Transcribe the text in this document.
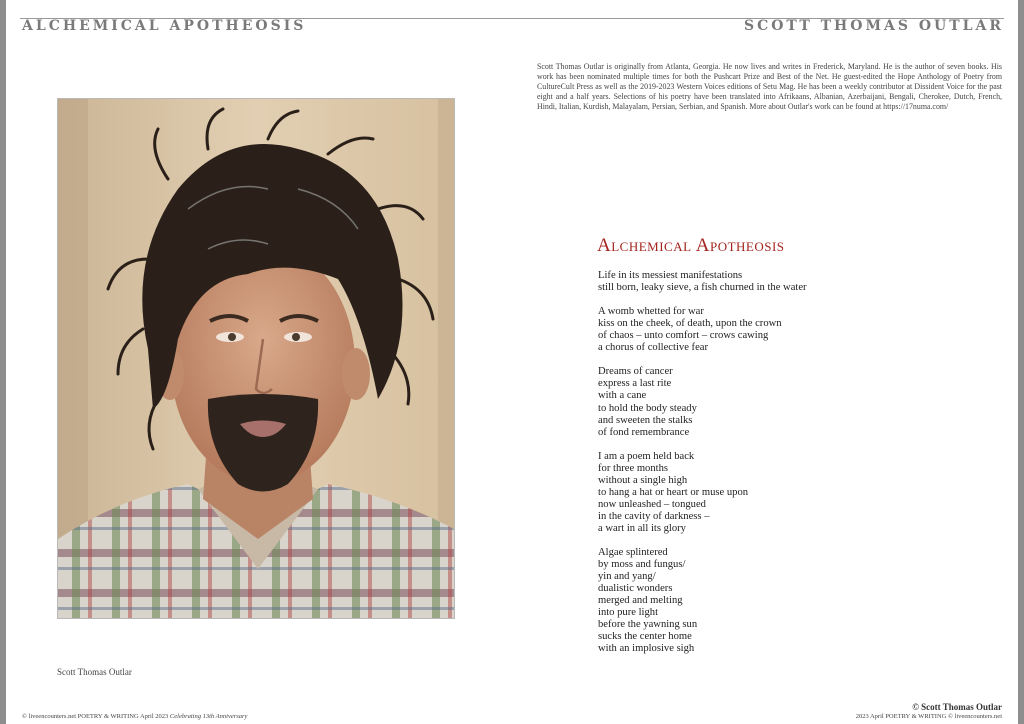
ALCHEMICAL APOTHEOSIS	SCOTT THOMAS OUTLAR
Scott Thomas Outlar is originally from Atlanta, Georgia. He now lives and writes in Frederick, Maryland. He is the author of seven books. His work has been nominated multiple times for both the Pushcart Prize and Best of the Net. He guest-edited the Hope Anthology of Poetry from CultureCult Press as well as the 2019-2023 Western Voices editions of Setu Mag. He has been a weekly contributor at Dissident Voice for the past eight and a half years. Selections of his poetry have been translated into Afrikaans, Albanian, Azerbaijani, Bengali, Cherokee, Dutch, French, Hindi, Italian, Kurdish, Malayalam, Persian, Serbian, and Spanish. More about Outlar's work can be found at https://17numa.com/
Scott Thomas Outlar
Alchemical Apotheosis
Life in its messiest manifestations
still born, leaky sieve, a fish churned in the water
A womb whetted for war
kiss on the cheek, of death, upon the crown
of chaos – unto comfort – crows cawing
a chorus of collective fear
Dreams of cancer
express a last rite
with a cane
to hold the body steady
and sweeten the stalks
of fond remembrance
I am a poem held back
for three months
without a single high
to hang a hat or heart or muse upon
now unleashed – tongued
in the cavity of darkness –
a wart in all its glory
Algae splintered
by moss and fungus/
yin and yang/
dualistic wonders
merged and melting
into pure light
before the yawning sun
sucks the center home
with an implosive sigh
© Scott Thomas Outlar
© liveencounters.net POETRY & WRITING April 2023 Celebrating 13th Anniversary	2023 April POETRY & WRITING © liveencounters.net
